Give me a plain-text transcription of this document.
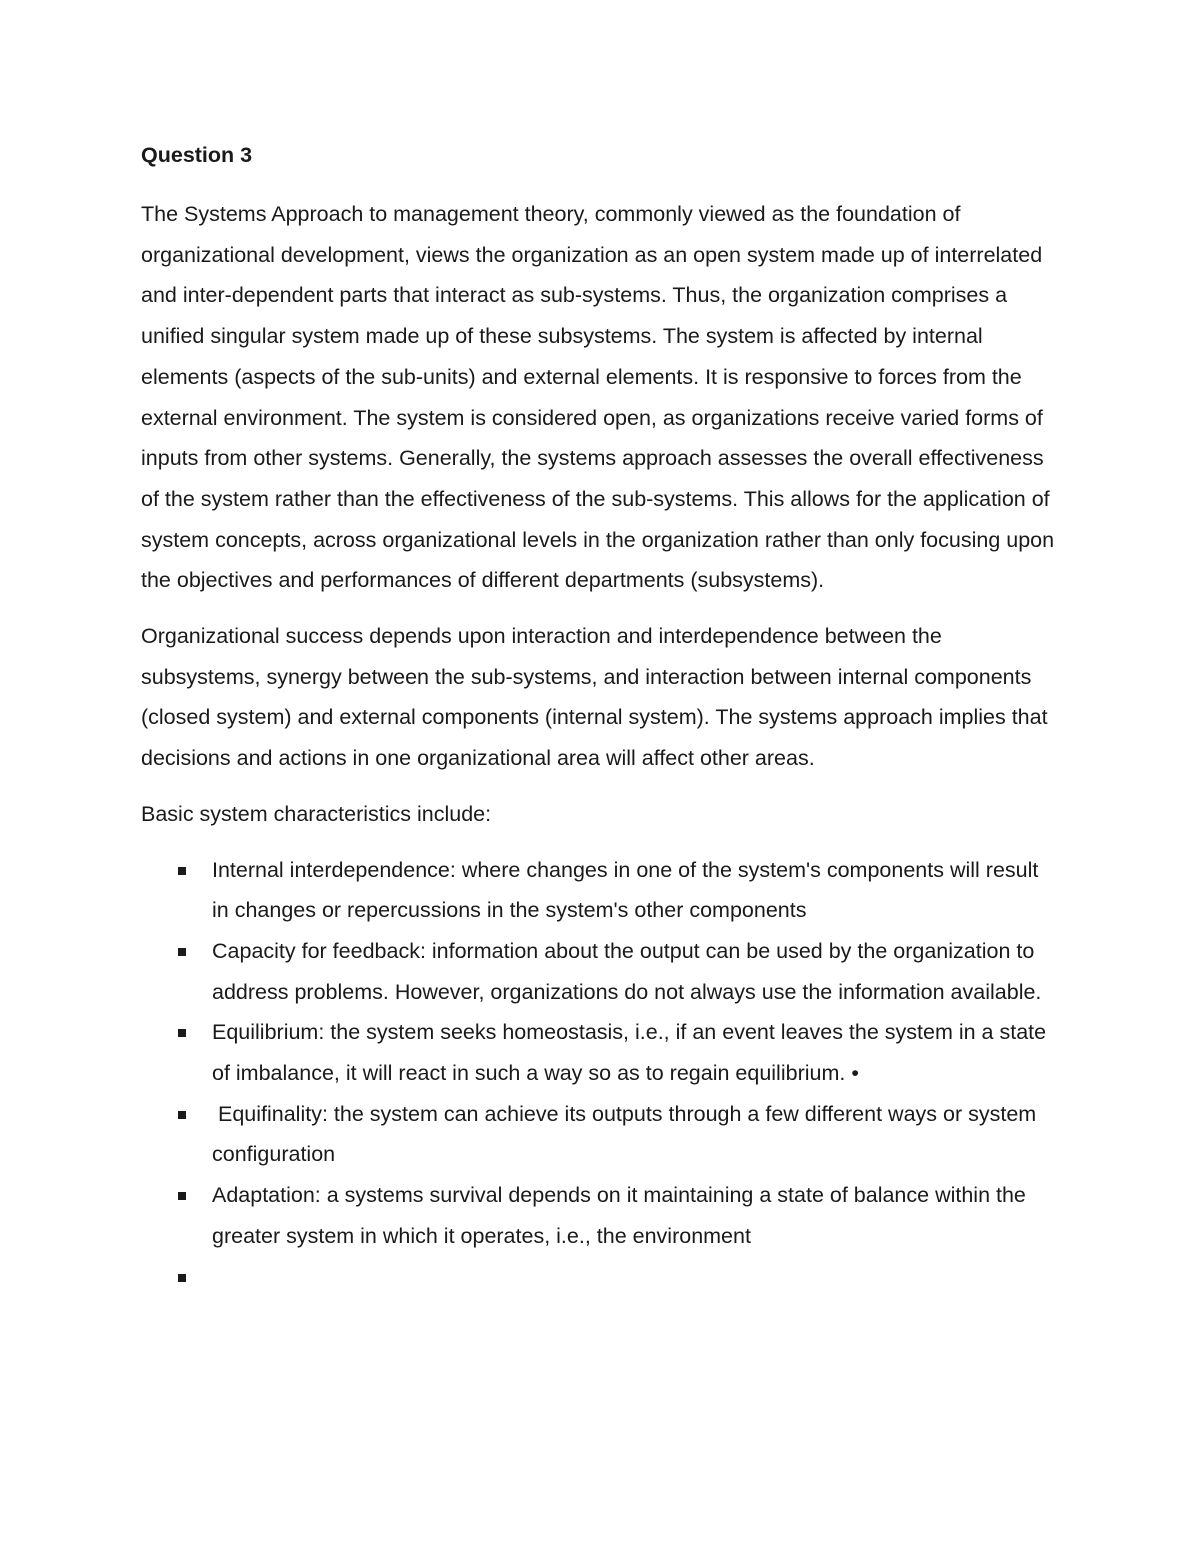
Question 3

The Systems Approach to management theory, commonly viewed as the foundation of organizational development, views the organization as an open system made up of interrelated and inter-dependent parts that interact as sub-systems. Thus, the organization comprises a unified singular system made up of these subsystems. The system is affected by internal elements (aspects of the sub-units) and external elements. It is responsive to forces from the external environment. The system is considered open, as organizations receive varied forms of inputs from other systems. Generally, the systems approach assesses the overall effectiveness of the system rather than the effectiveness of the sub-systems. This allows for the application of system concepts, across organizational levels in the organization rather than only focusing upon the objectives and performances of different departments (subsystems).

Organizational success depends upon interaction and interdependence between the subsystems, synergy between the sub-systems, and interaction between internal components (closed system) and external components (internal system). The systems approach implies that decisions and actions in one organizational area will affect other areas.

Basic system characteristics include:

Internal interdependence: where changes in one of the system's components will result in changes or repercussions in the system's other components
Capacity for feedback: information about the output can be used by the organization to address problems. However, organizations do not always use the information available.
Equilibrium: the system seeks homeostasis, i.e., if an event leaves the system in a state of imbalance, it will react in such a way so as to regain equilibrium. •
Equifinality: the system can achieve its outputs through a few different ways or system configuration
Adaptation: a systems survival depends on it maintaining a state of balance within the greater system in which it operates, i.e., the environment
